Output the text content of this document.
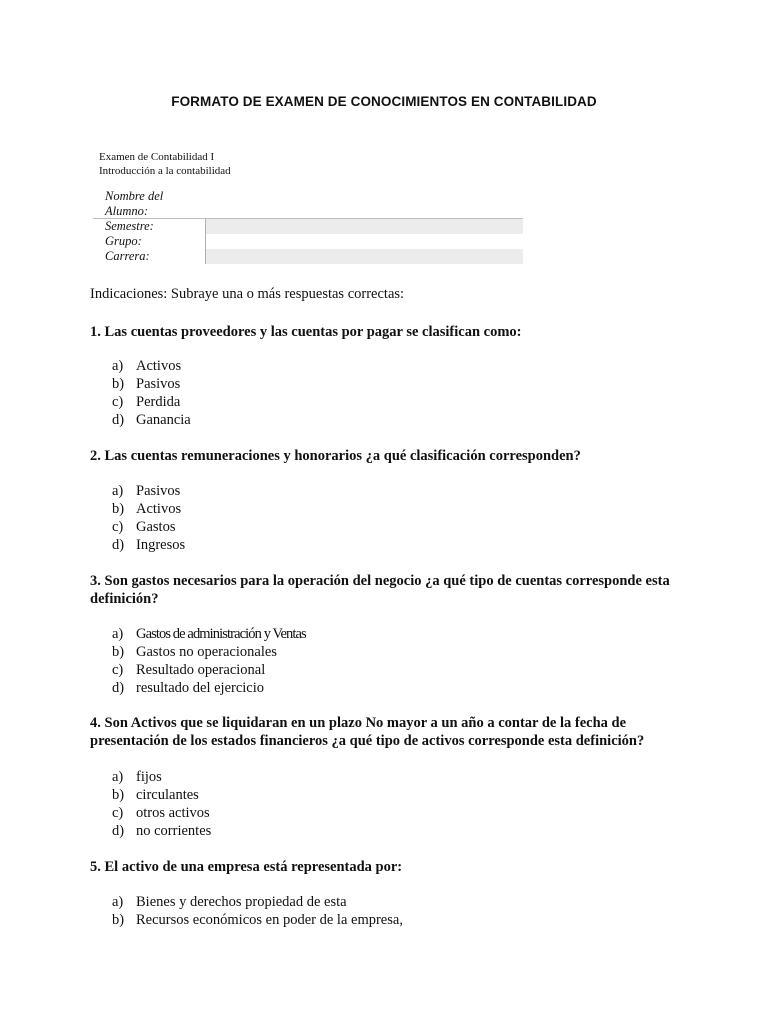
FORMATO DE EXAMEN DE CONOCIMIENTOS EN CONTABILIDAD
Examen de Contabilidad I
Introducción a la contabilidad
Nombre del
Alumno:
Semestre:
Grupo:
Carrera:
Indicaciones: Subraye una o más respuestas correctas:
1. Las cuentas proveedores y las cuentas por pagar se clasifican como:
a) Activos
b) Pasivos
c) Perdida
d) Ganancia
2. Las cuentas remuneraciones y honorarios ¿a qué clasificación corresponden?
a) Pasivos
b) Activos
c) Gastos
d) Ingresos
3. Son gastos necesarios para la operación del negocio ¿a qué tipo de cuentas corresponde esta definición?
a) Gastos de administración y Ventas
b) Gastos no operacionales
c) Resultado operacional
d) resultado del ejercicio
4. Son Activos que se liquidaran en un plazo No mayor a un año a contar de la fecha de presentación de los estados financieros ¿a qué tipo de activos corresponde esta definición?
a) fijos
b) circulantes
c) otros activos
d) no corrientes
5. El activo de una empresa está representada por:
a) Bienes y derechos propiedad de esta
b) Recursos económicos en poder de la empresa,
